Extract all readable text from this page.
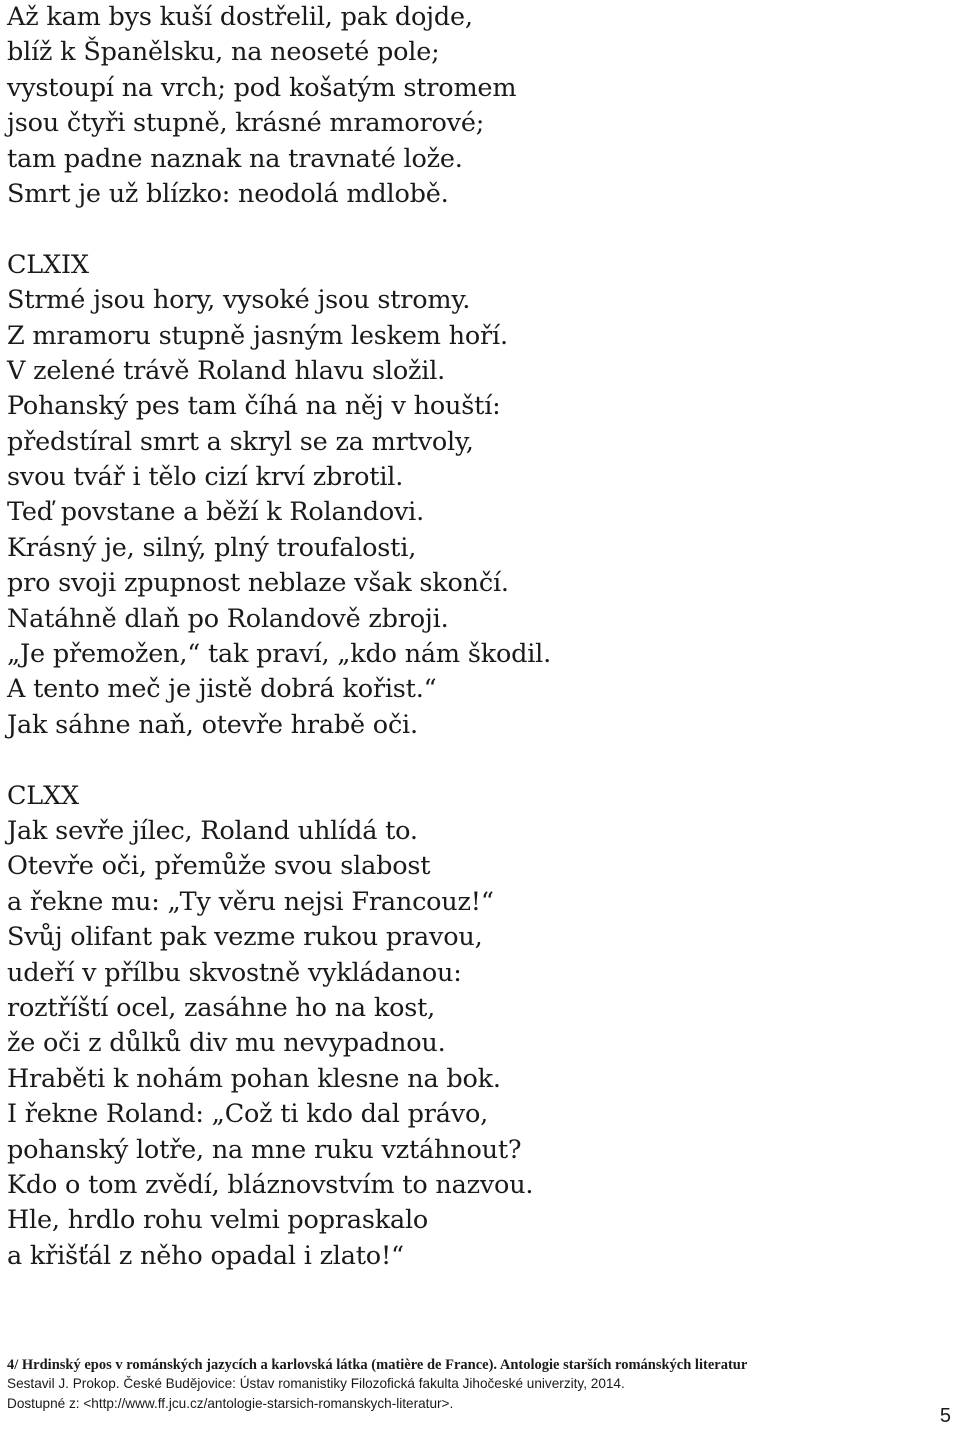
Až kam bys kuší dostřelil, pak dojde,
blíž k Španělsku, na neoseté pole;
vystoupí na vrch; pod košatým stromem
jsou čtyři stupně, krásné mramorové;
tam padne naznak na travnaté lože.
Smrt je už blízko: neodolá mdlobě.
CLXIX
Strmé jsou hory, vysoké jsou stromy.
Z mramoru stupně jasným leskem hoří.
V zelené trávě Roland hlavu složil.
Pohanský pes tam číhá na něj v houští:
předstíral smrt a skryl se za mrtvoly,
svou tvář i tělo cizí krví zbrotil.
Teď povstane a běží k Rolandovi.
Krásný je, silný, plný troufalosti,
pro svoji zpupnost neblaze však skončí.
Natáhně dlaň po Rolandově zbroji.
„Je přemožen,“ tak praví, „kdo nám škodil.
A tento meč je jistě dobrá kořist.“
Jak sáhne naň, otevře hrabě oči.
CLXX
Jak sevře jílec, Roland uhlídá to.
Otevře oči, přemůže svou slabost
a řekne mu: „Ty věru nejsi Francouz!“
Svůj olifant pak vezme rukou pravou,
udeří v přílbu skvostně vykládanou:
roztříští ocel, zasáhne ho na kost,
že oči z důlků div mu nevypadnou.
Hraběti k nohám pohan klesne na bok.
I řekne Roland: „Což ti kdo dal právo,
pohanský lotře, na mne ruku vztáhnout?
Kdo o tom zvědí, bláznovstvím to nazvou.
Hle, hrdlo rohu velmi popraskalo
a křišťál z něho opadal i zlato!“
4/ Hrdinský epos v románských jazycích a karlovská látka (matière de France). Antologie starších románských literatur
Sestavil J. Prokop. České Budějovice: Ústav romanistiky Filozofická fakulta Jihočeské univerzity, 2014.
Dostupné z: <http://www.ff.jcu.cz/antologie-starsich-romanskych-literatur>.
5
